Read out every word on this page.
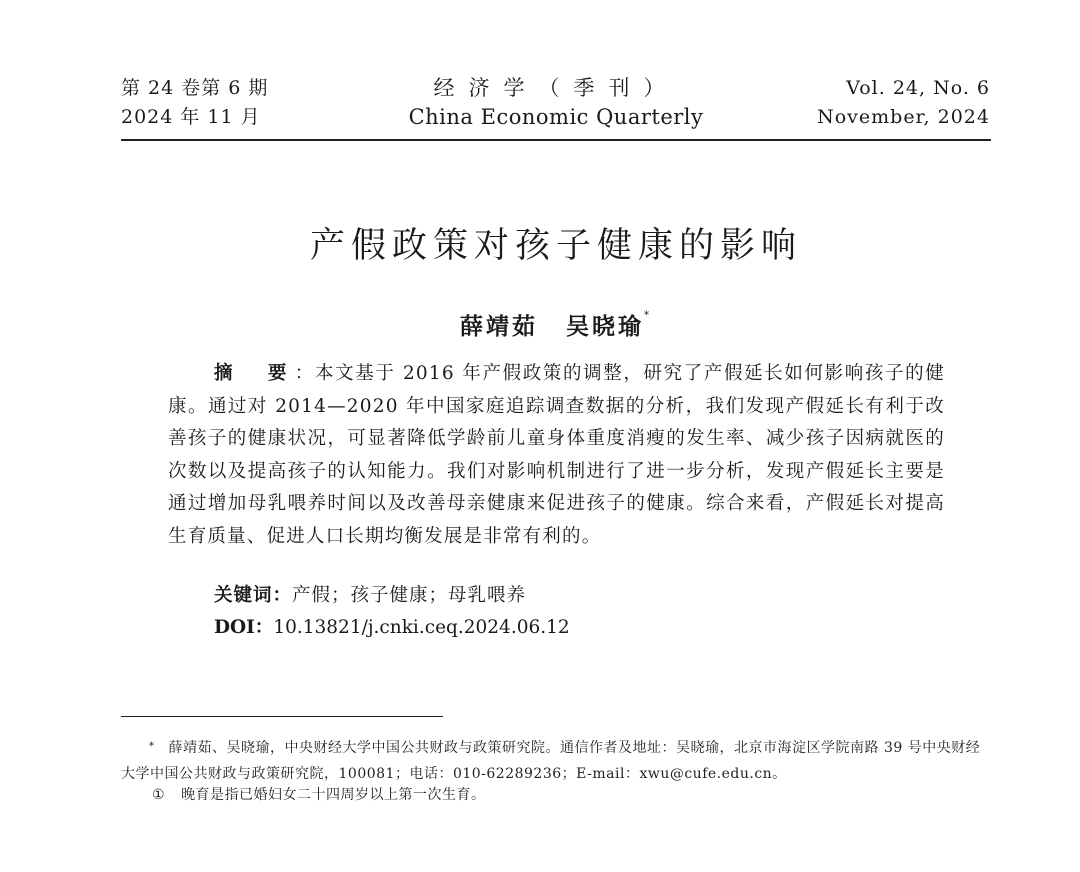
第 24 卷第 6 期
2024 年 11 月
经济学（季刊）
China Economic Quarterly
Vol. 24, No. 6
November, 2024
产假政策对孩子健康的影响
薛靖茹 吴晓瑜*
摘　要：本文基于 2016 年产假政策的调整，研究了产假延长如何影响孩子的健康。通过对 2014—2020 年中国家庭追踪调查数据的分析，我们发现产假延长有利于改善孩子的健康状况，可显著降低学龄前儿童身体重度消瘦的发生率、减少孩子因病就医的次数以及提高孩子的认知能力。我们对影响机制进行了进一步分析，发现产假延长主要是通过增加母乳喂养时间以及改善母亲健康来促进孩子的健康。综合来看，产假延长对提高生育质量、促进人口长期均衡发展是非常有利的。
关键词：产假；孩子健康；母乳喂养
DOI：10.13821/j.cnki.ceq.2024.06.12
* 薛靖茹、吴晓瑜，中央财经大学中国公共财政与政策研究院。通信作者及地址：吴晓瑜，北京市海淀区学院南路 39 号中央财经大学中国公共财政与政策研究院，100081；电话：010-62289236；E-mail：xwu@cufe.edu.cn。
① 晚育是指已婚妇女二十四周岁以上第一次生育。
